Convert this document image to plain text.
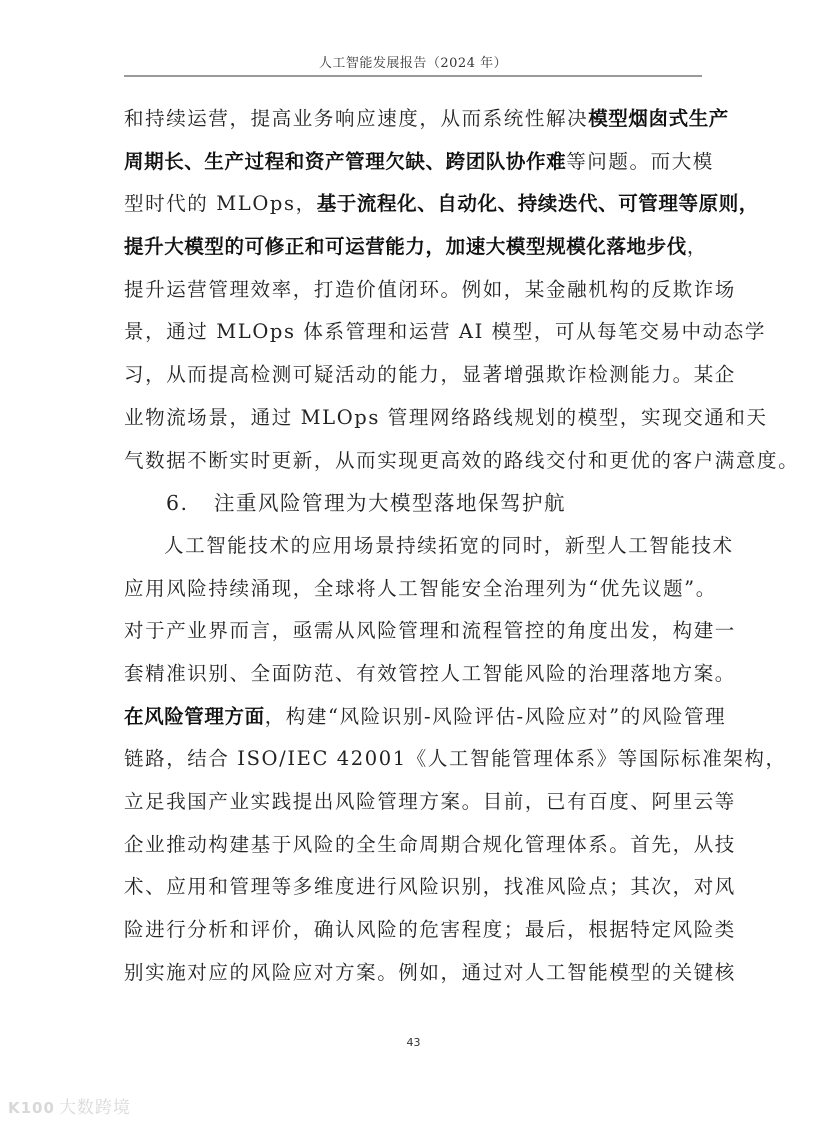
人工智能发展报告（2024 年）
和持续运营，提高业务响应速度，从而系统性解决模型烟囱式生产
周期长、生产过程和资产管理欠缺、跨团队协作难等问题。而大模
型时代的 MLOps，基于流程化、自动化、持续迭代、可管理等原则，
提升大模型的可修正和可运营能力，加速大模型规模化落地步伐，
提升运营管理效率，打造价值闭环。例如，某金融机构的反欺诈场
景，通过 MLOps 体系管理和运营 AI 模型，可从每笔交易中动态学
习，从而提高检测可疑活动的能力，显著增强欺诈检测能力。某企
业物流场景，通过 MLOps 管理网络路线规划的模型，实现交通和天
气数据不断实时更新，从而实现更高效的路线交付和更优的客户满意度。
6. 注重风险管理为大模型落地保驾护航
人工智能技术的应用场景持续拓宽的同时，新型人工智能技术
应用风险持续涌现，全球将人工智能安全治理列为“优先议题”。
对于产业界而言，亟需从风险管理和流程管控的角度出发，构建一
套精准识别、全面防范、有效管控人工智能风险的治理落地方案。
在风险管理方面，构建“风险识别-风险评估-风险应对”的风险管理
链路，结合 ISO/IEC 42001《人工智能管理体系》等国际标准架构，
立足我国产业实践提出风险管理方案。目前，已有百度、阿里云等
企业推动构建基于风险的全生命周期合规化管理体系。首先，从技
术、应用和管理等多维度进行风险识别，找准风险点；其次，对风
险进行分析和评价，确认风险的危害程度；最后，根据特定风险类
别实施对应的风险应对方案。例如，通过对人工智能模型的关键核
43
K100 大数跨境
